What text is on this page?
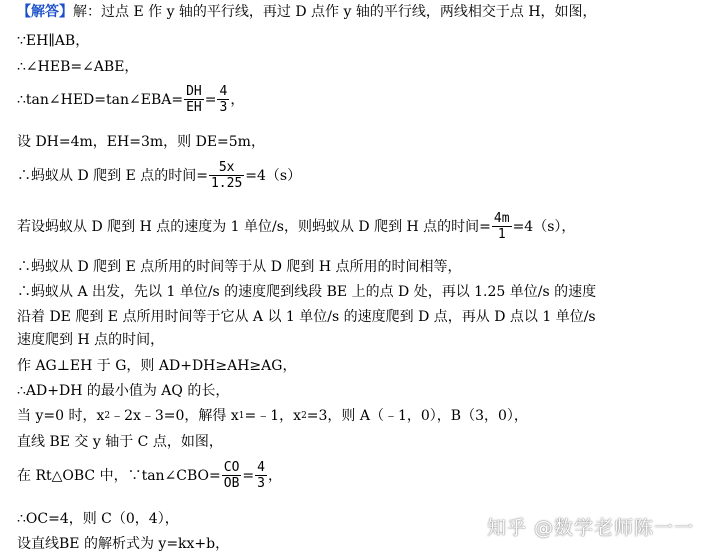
【解答】 解：过点 E 作 y 轴的平行线，再过 D 点作 y 轴的平行线，两线相交于点 H，如图，
∵EH∥AB，
∴∠HEB=∠ABE，
∴tan∠HED=tan∠EBA= $\frac{DH}{EH} = \frac{4}{3}$ ，
设 DH=4m，EH=3m，则 DE=5m，
∴蚂蚁从 D 爬到 E 点的时间= $\frac{5x}{1.25} =4(s)$
若设蚂蚁从 D 爬到 H 点的速度为 1 单位/s，则蚂蚁从 D 爬到 H 点的时间= $\frac{4m}{1} =4(s)$，
∴蚂蚁从 D 爬到 E 点所用的时间等于从 D 爬到 H 点所用的时间相等，
∴蚂蚁从 A 出发，先以 1 单位/s 的速度爬到线段 BE 上的点 D 处，再以 1.25 单位/s 的速度
沿着 DE 爬到 E 点所用时间等于它从 A 以 1 单位/s 的速度爬到 D 点，再从 D 点以 1 单位/s
速度爬到 H 点的时间，
作 AG⊥EH 于 G，则 AD+DH≥AH≥AG，
∴AD+DH 的最小值为 AQ 的长，
当 y=0 时，x 2 ﹣2x﹣3=0，解得 x 1 =﹣1，x 2 =3，则 A（﹣1，0），B（3，0），
直线 BE 交 y 轴于 C 点，如图，
在 Rt△OBC 中，∵tan∠CBO= $\frac{CO}{OB} = \frac{4}{3}$ ，
∴OC=4，则 C（0，4），
设直线BE 的解析式为 y=kx+b，
知乎 @数学老师陈一一
